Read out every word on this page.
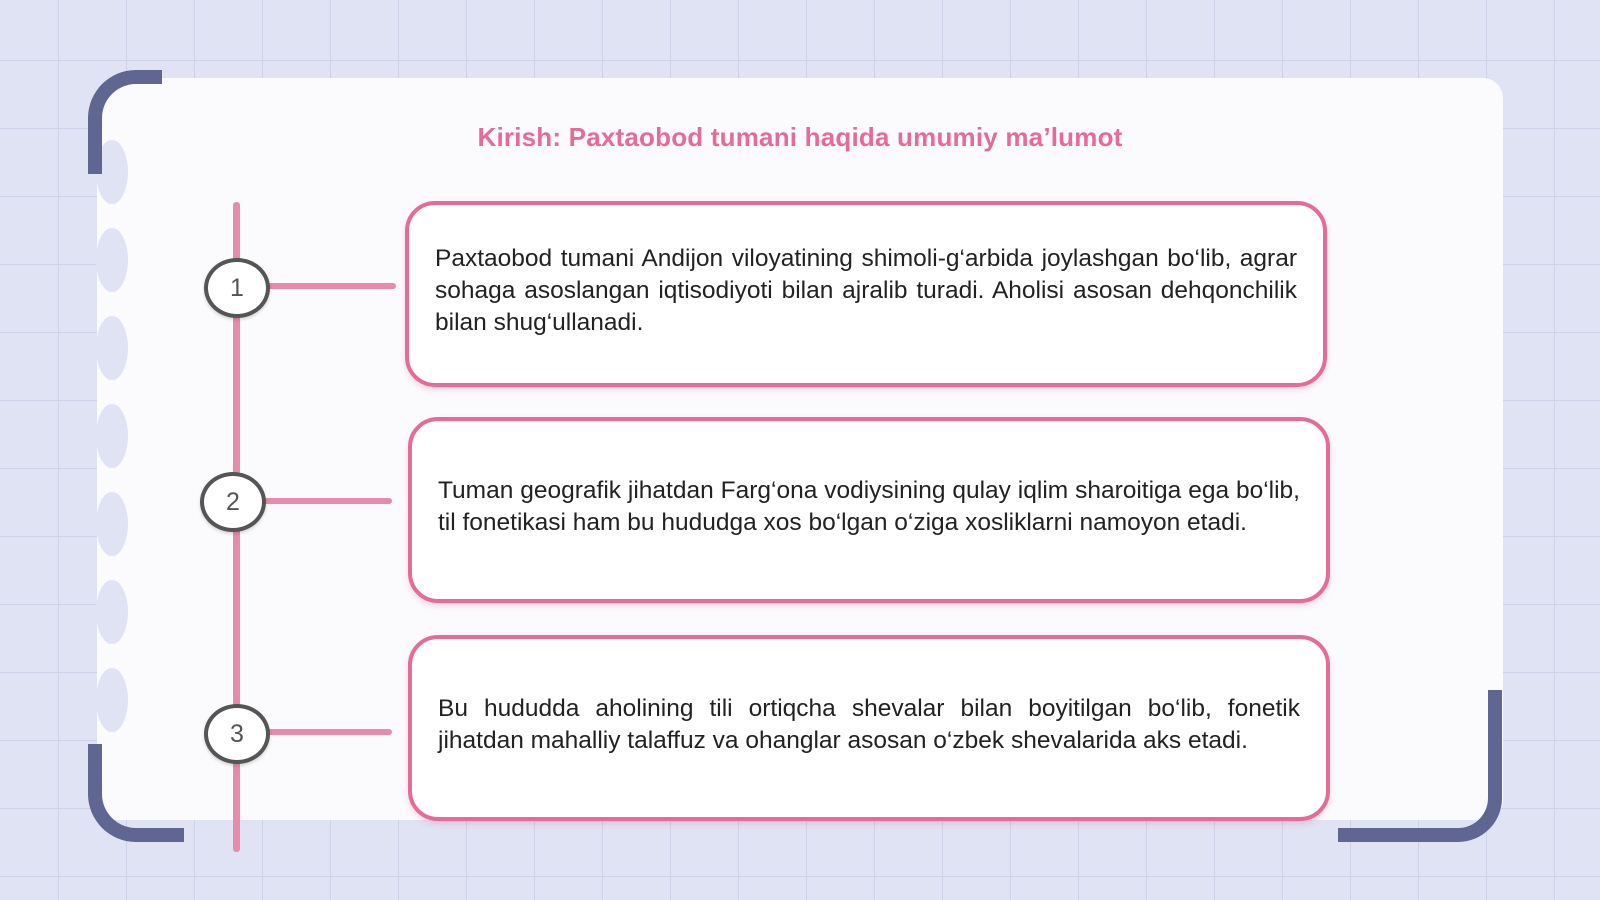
Kirish: Paxtaobod tumani haqida umumiy ma’lumot
1

Paxtaobod tumani Andijon viloyatining shimoli-g‘arbida joylashgan bo‘lib, agrar sohaga asoslangan iqtisodiyoti bilan ajralib turadi. Aholisi asosan dehqonchilik bilan shug‘ullanadi.

2	Tuman geografik jihatdan Farg‘ona vodiysining qulay iqlim sharoitiga ega bo‘lib, til fonetikasi ham bu hududga xos bo‘lgan o‘ziga xosliklarni namoyon etadi.

3

Bu hududda aholining tili ortiqcha shevalar bilan boyitilgan bo‘lib, fonetik jihatdan mahalliy talaffuz va ohanglar asosan o‘zbek shevalarida aks etadi.
